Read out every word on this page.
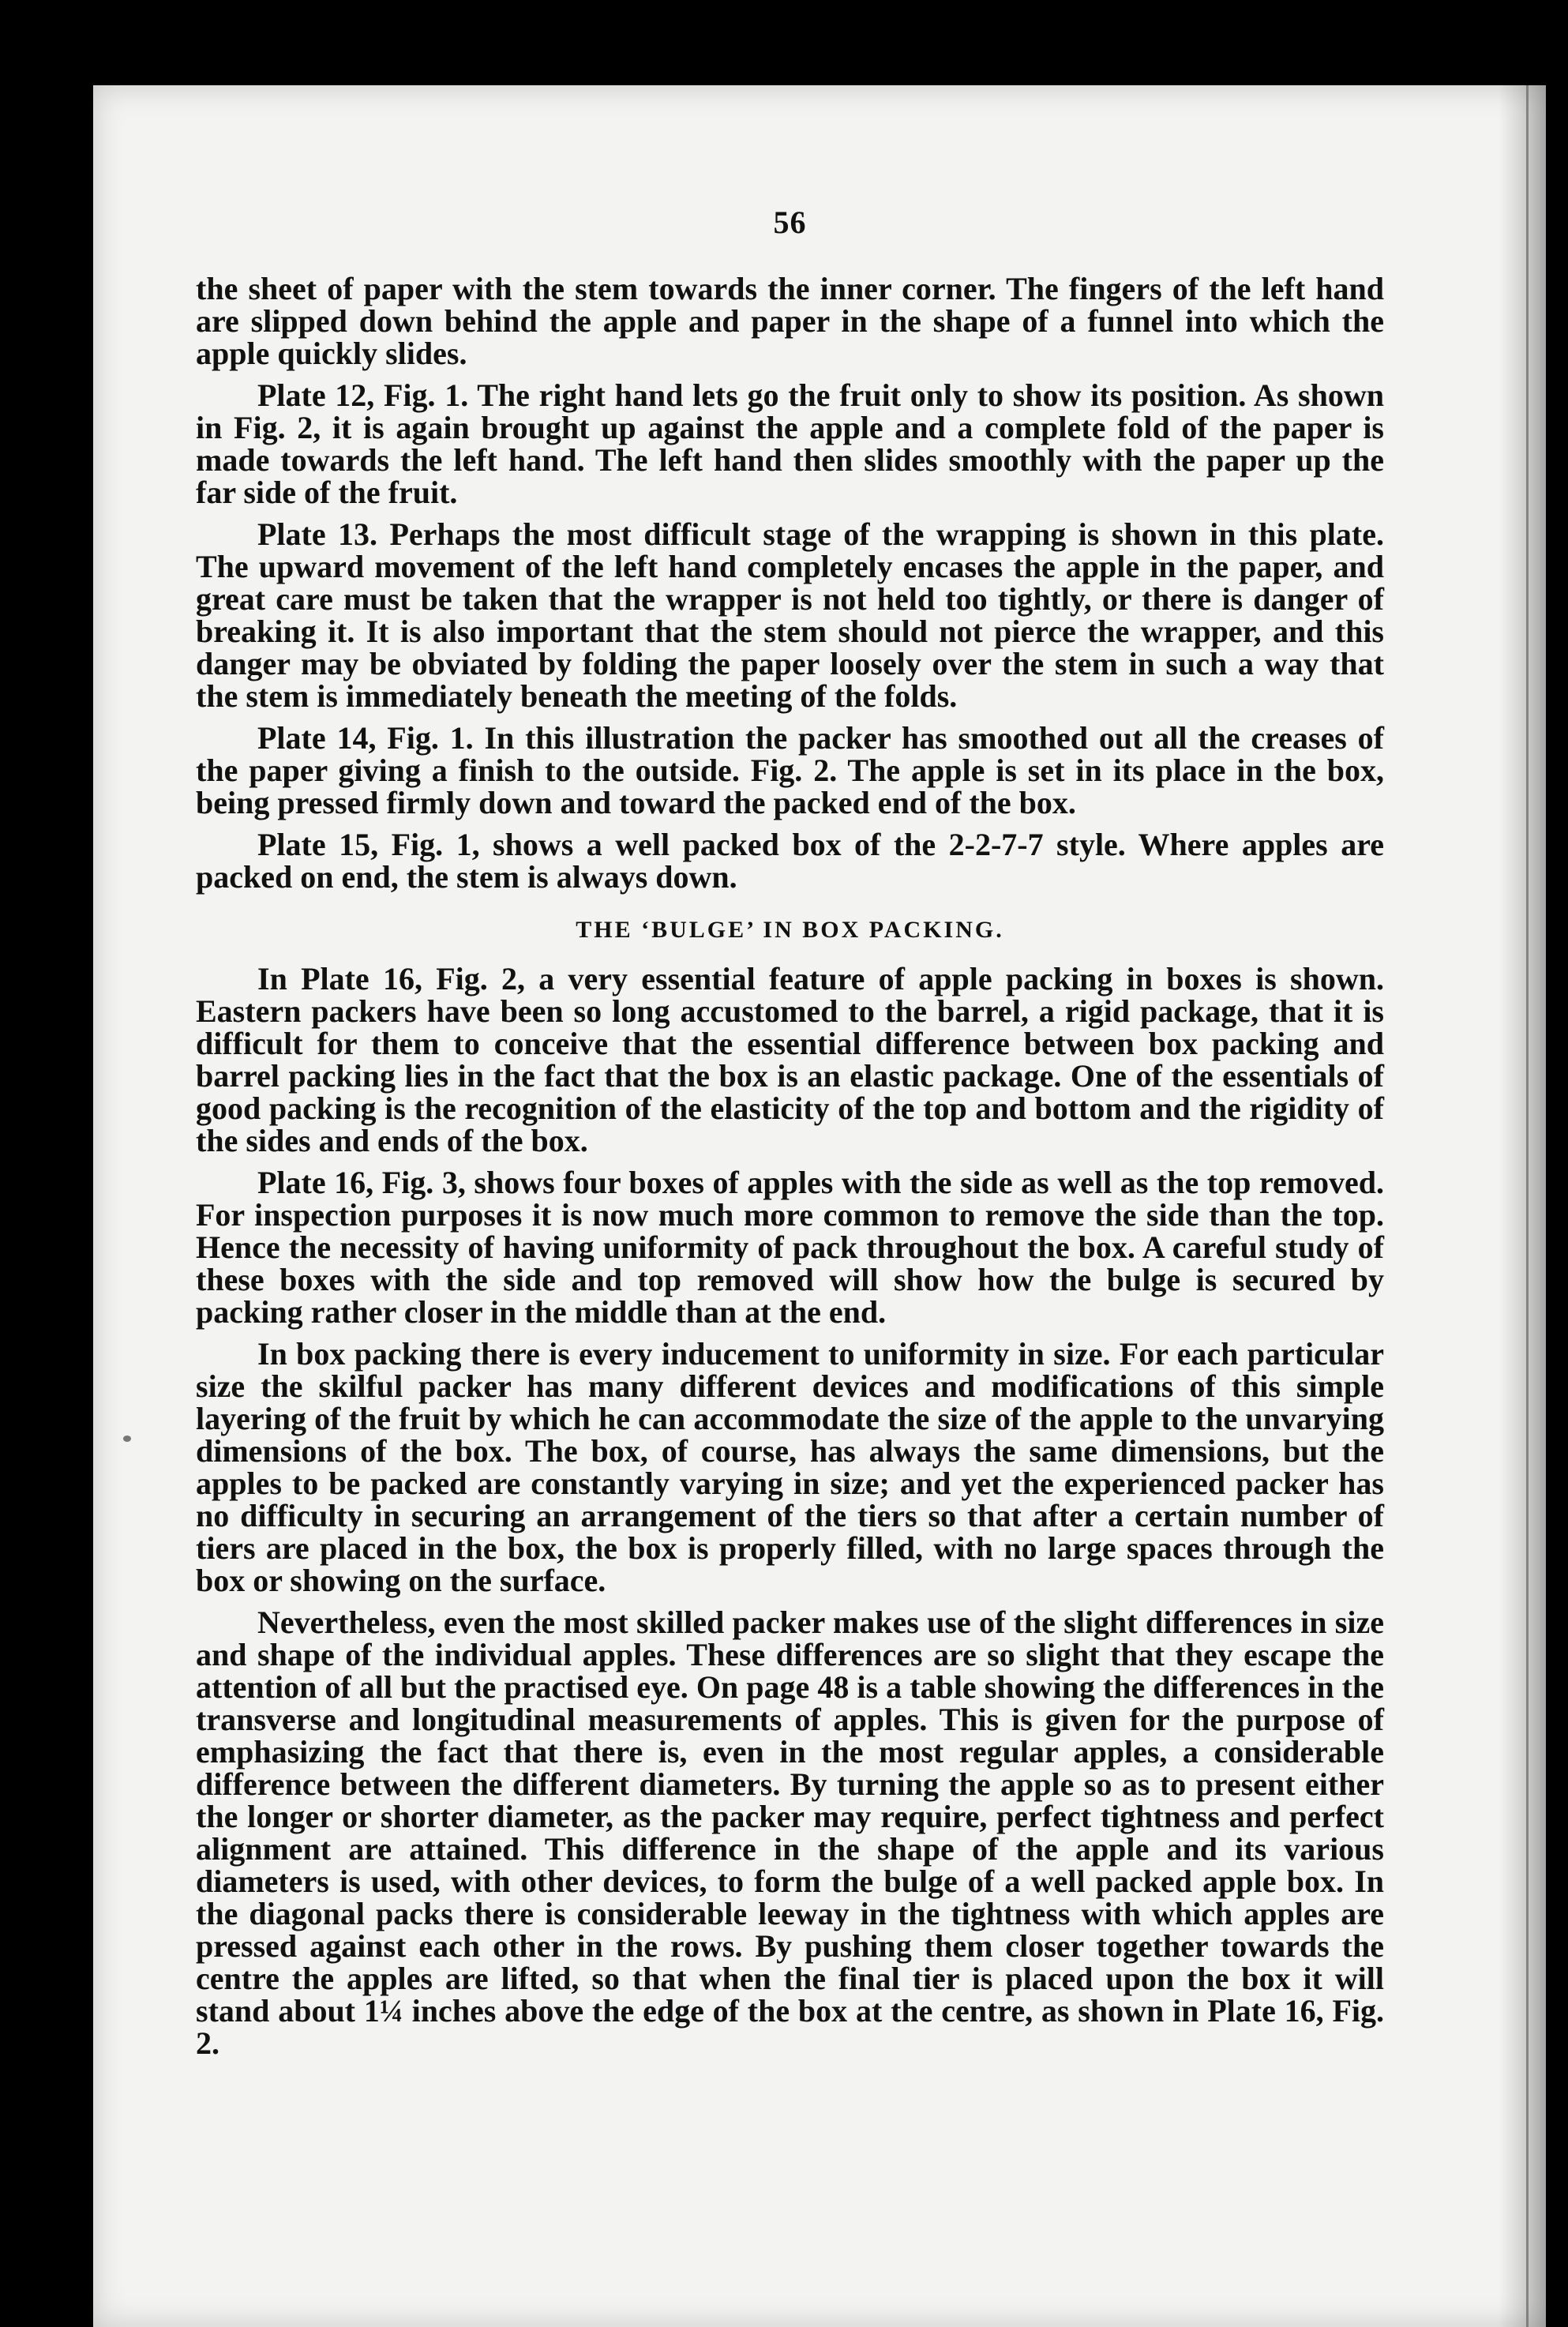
56

the sheet of paper with the stem towards the inner corner. The fingers of the left hand are slipped down behind the apple and paper in the shape of a funnel into which the apple quickly slides.

Plate 12, Fig. 1. The right hand lets go the fruit only to show its position. As shown in Fig. 2, it is again brought up against the apple and a complete fold of the paper is made towards the left hand. The left hand then slides smoothly with the paper up the far side of the fruit.

Plate 13. Perhaps the most difficult stage of the wrapping is shown in this plate. The upward movement of the left hand completely encases the apple in the paper, and great care must be taken that the wrapper is not held too tightly, or there is danger of breaking it. It is also important that the stem should not pierce the wrapper, and this danger may be obviated by folding the paper loosely over the stem in such a way that the stem is immediately beneath the meeting of the folds.

Plate 14, Fig. 1. In this illustration the packer has smoothed out all the creases of the paper giving a finish to the outside. Fig. 2. The apple is set in its place in the box, being pressed firmly down and toward the packed end of the box.

Plate 15, Fig. 1, shows a well packed box of the 2-2-7-7 style. Where apples are packed on end, the stem is always down.

THE ‘BULGE’ IN BOX PACKING.

In Plate 16, Fig. 2, a very essential feature of apple packing in boxes is shown. Eastern packers have been so long accustomed to the barrel, a rigid package, that it is difficult for them to conceive that the essential difference between box packing and barrel packing lies in the fact that the box is an elastic package. One of the essentials of good packing is the recognition of the elasticity of the top and bottom and the rigidity of the sides and ends of the box.

Plate 16, Fig. 3, shows four boxes of apples with the side as well as the top removed. For inspection purposes it is now much more common to remove the side than the top. Hence the necessity of having uniformity of pack throughout the box. A careful study of these boxes with the side and top removed will show how the bulge is secured by packing rather closer in the middle than at the end.

In box packing there is every inducement to uniformity in size. For each particular size the skilful packer has many different devices and modifications of this simple layering of the fruit by which he can accommodate the size of the apple to the unvarying dimensions of the box. The box, of course, has always the same dimensions, but the apples to be packed are constantly varying in size; and yet the experienced packer has no difficulty in securing an arrangement of the tiers so that after a certain number of tiers are placed in the box, the box is properly filled, with no large spaces through the box or showing on the surface.

Nevertheless, even the most skilled packer makes use of the slight differences in size and shape of the individual apples. These differences are so slight that they escape the attention of all but the practised eye. On page 48 is a table showing the differences in the transverse and longitudinal measurements of apples. This is given for the purpose of emphasizing the fact that there is, even in the most regular apples, a considerable difference between the different diameters. By turning the apple so as to present either the longer or shorter diameter, as the packer may require, perfect tightness and perfect alignment are attained. This difference in the shape of the apple and its various diameters is used, with other devices, to form the bulge of a well packed apple box. In the diagonal packs there is considerable leeway in the tightness with which apples are pressed against each other in the rows. By pushing them closer together towards the centre the apples are lifted, so that when the final tier is placed upon the box it will stand about 1¼ inches above the edge of the box at the centre, as shown in Plate 16, Fig. 2.
